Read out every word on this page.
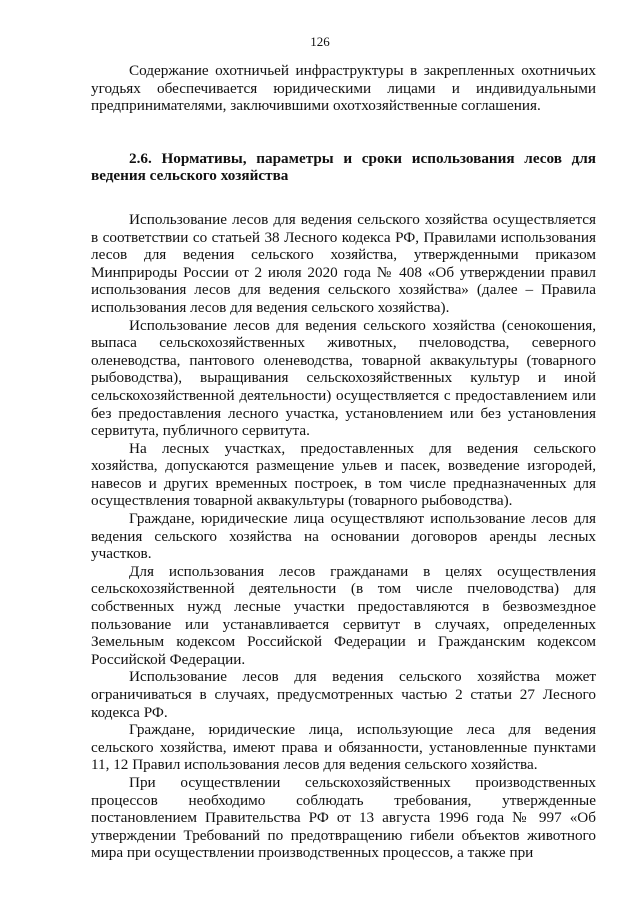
126

Содержание охотничьей инфраструктуры в закрепленных охотничьих угодьях обеспечивается юридическими лицами и индивидуальными предпринимателями, заключившими охотхозяйственные соглашения.

2.6. Нормативы, параметры и сроки использования лесов для ведения сельского хозяйства

Использование лесов для ведения сельского хозяйства осуществляется в соответствии со статьей 38 Лесного кодекса РФ, Правилами использования лесов для ведения сельского хозяйства, утвержденными приказом Минприроды России от 2 июля 2020 года № 408 «Об утверждении правил использования лесов для ведения сельского хозяйства» (далее – Правила использования лесов для ведения сельского хозяйства).

Использование лесов для ведения сельского хозяйства (сенокошения, выпаса сельскохозяйственных животных, пчеловодства, северного оленеводства, пантового оленеводства, товарной аквакультуры (товарного рыбоводства), выращивания сельскохозяйственных культур и иной сельскохозяйственной деятельности) осуществляется с предоставлением или без предоставления лесного участка, установлением или без установления сервитута, публичного сервитута.

На лесных участках, предоставленных для ведения сельского хозяйства, допускаются размещение ульев и пасек, возведение изгородей, навесов и других временных построек, в том числе предназначенных для осуществления товарной аквакультуры (товарного рыбоводства).

Граждане, юридические лица осуществляют использование лесов для ведения сельского хозяйства на основании договоров аренды лесных участков.

Для использования лесов гражданами в целях осуществления сельскохозяйственной деятельности (в том числе пчеловодства) для собственных нужд лесные участки предоставляются в безвозмездное пользование или устанавливается сервитут в случаях, определенных Земельным кодексом Российской Федерации и Гражданским кодексом Российской Федерации.

Использование лесов для ведения сельского хозяйства может ограничиваться в случаях, предусмотренных частью 2 статьи 27 Лесного кодекса РФ.

Граждане, юридические лица, использующие леса для ведения сельского хозяйства, имеют права и обязанности, установленные пунктами 11, 12 Правил использования лесов для ведения сельского хозяйства.

При осуществлении сельскохозяйственных производственных процессов необходимо соблюдать требования, утвержденные постановлением Правительства РФ от 13 августа 1996 года № 997 «Об утверждении Требований по предотвращению гибели объектов животного мира при осуществлении производственных процессов, а также при
